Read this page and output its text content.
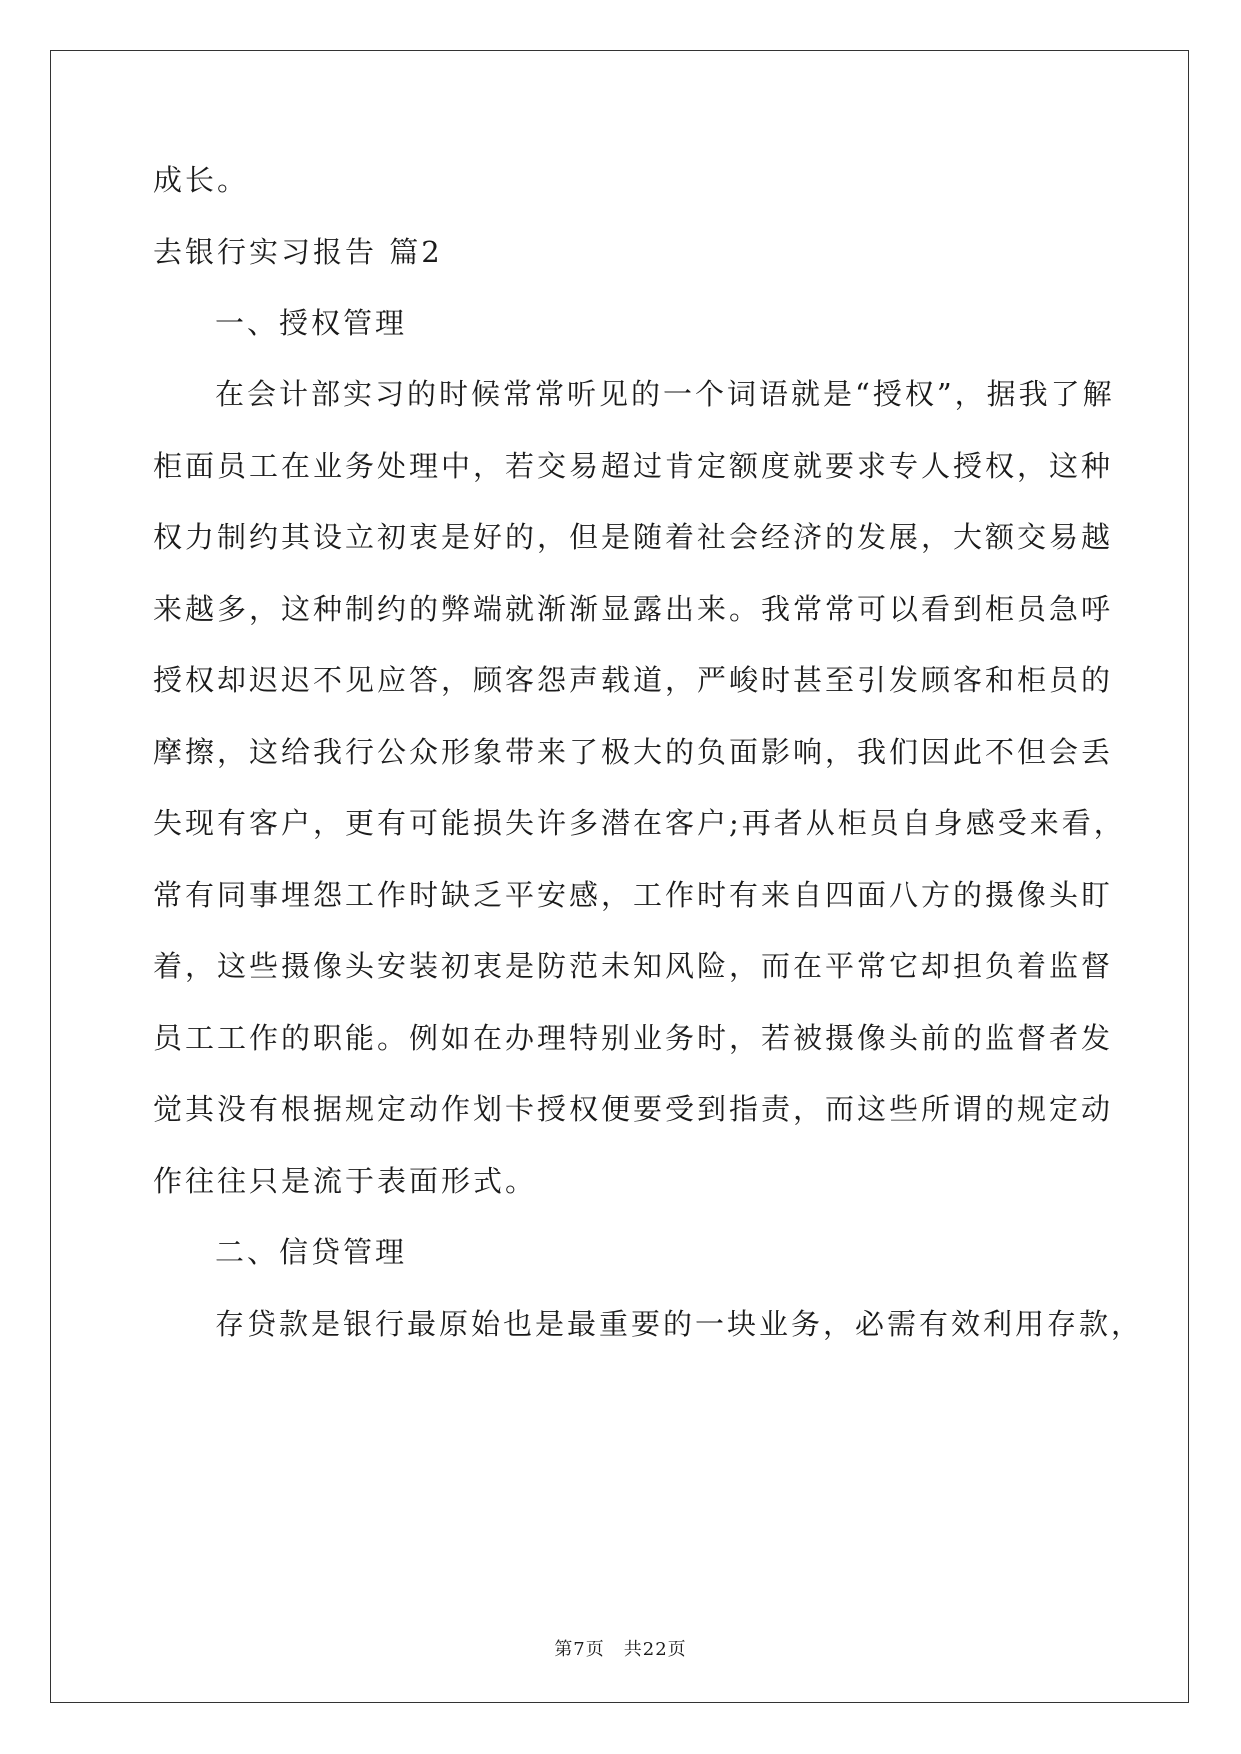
成长。
去银行实习报告 篇2
一、授权管理
在会计部实习的时候常常听见的一个词语就是“授权”，据我了解
柜面员工在业务处理中，若交易超过肯定额度就要求专人授权，这种
权力制约其设立初衷是好的，但是随着社会经济的发展，大额交易越
来越多，这种制约的弊端就渐渐显露出来。我常常可以看到柜员急呼
授权却迟迟不见应答，顾客怨声载道，严峻时甚至引发顾客和柜员的
摩擦，这给我行公众形象带来了极大的负面影响，我们因此不但会丢
失现有客户，更有可能损失许多潜在客户;再者从柜员自身感受来看，
常有同事埋怨工作时缺乏平安感，工作时有来自四面八方的摄像头盯
着，这些摄像头安装初衷是防范未知风险，而在平常它却担负着监督
员工工作的职能。例如在办理特别业务时，若被摄像头前的监督者发
觉其没有根据规定动作划卡授权便要受到指责，而这些所谓的规定动
作往往只是流于表面形式。
二、信贷管理
存贷款是银行最原始也是最重要的一块业务，必需有效利用存款，
第7页　共22页
